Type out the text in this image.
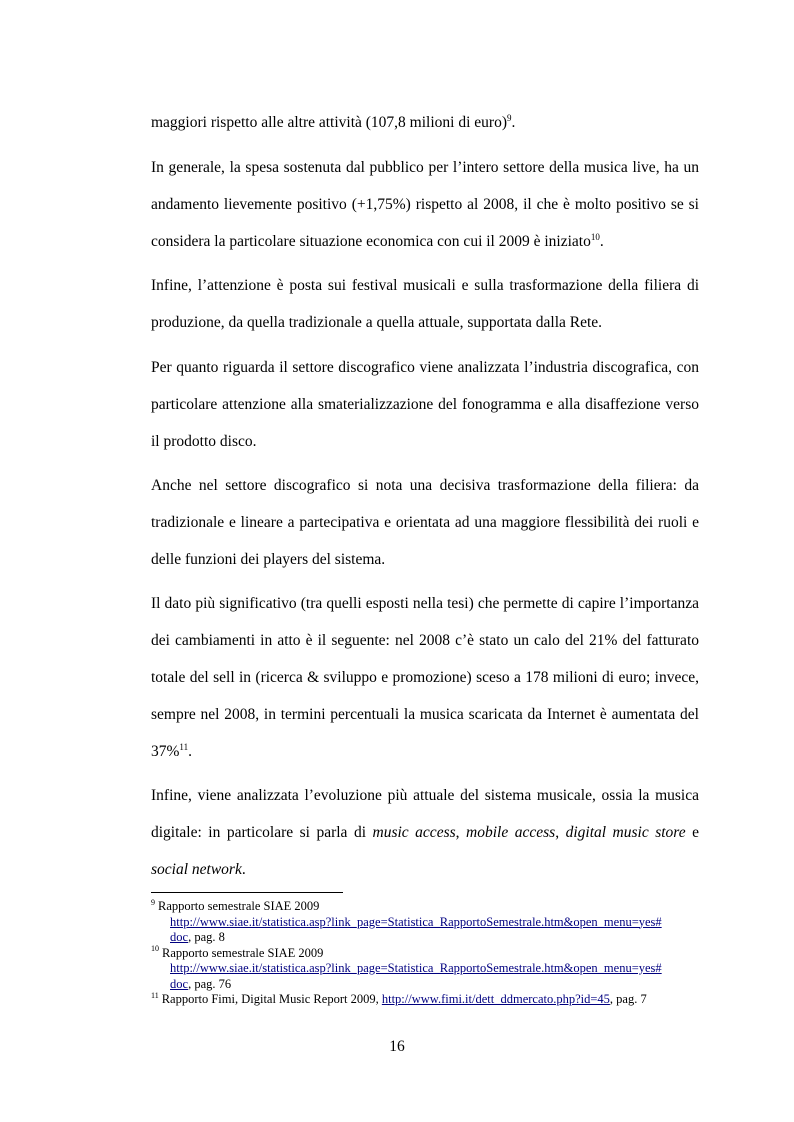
maggiori rispetto alle altre attività (107,8 milioni di euro)$^9$.

In generale, la spesa sostenuta dal pubblico per l’intero settore della musica live, ha un andamento lievemente positivo (+1,75%) rispetto al 2008, il che è molto positivo se si considera la particolare situazione economica con cui il 2009 è iniziato$^{10}$.

Infine, l’attenzione è posta sui festival musicali e sulla trasformazione della filiera di produzione, da quella tradizionale a quella attuale, supportata dalla Rete.

Per quanto riguarda il settore discografico viene analizzata l’industria discografica, con particolare attenzione alla smaterializzazione del fonogramma e alla disaffezione verso il prodotto disco.

Anche nel settore discografico si nota una decisiva trasformazione della filiera: da tradizionale e lineare a partecipativa e orientata ad una maggiore flessibilità dei ruoli e delle funzioni dei players del sistema.

Il dato più significativo (tra quelli esposti nella tesi) che permette di capire l’importanza dei cambiamenti in atto è il seguente: nel 2008 c’è stato un calo del 21% del fatturato totale del sell in (ricerca & sviluppo e promozione) sceso a 178 milioni di euro; invece, sempre nel 2008, in termini percentuali la musica scaricata da Internet è aumentata del 37%$^{11}$.

Infine, viene analizzata l’evoluzione più attuale del sistema musicale, ossia la musica digitale: in particolare si parla di music access, mobile access, digital music store e social network.

$^9$ Rapporto semestrale SIAE 2009

http://www.siae.it/statistica.asp?link_page=Statistica_RapportoSemestrale.htm&open_menu=yes#
doc, pag. 8

$^{10}$ Rapporto semestrale SIAE 2009

http://www.siae.it/statistica.asp?link_page=Statistica_RapportoSemestrale.htm&open_menu=yes#
doc, pag. 76

$^{11}$ Rapporto Fimi, Digital Music Report 2009, http://www.fimi.it/dett_ddmercato.php?id=45, pag. 7

16
